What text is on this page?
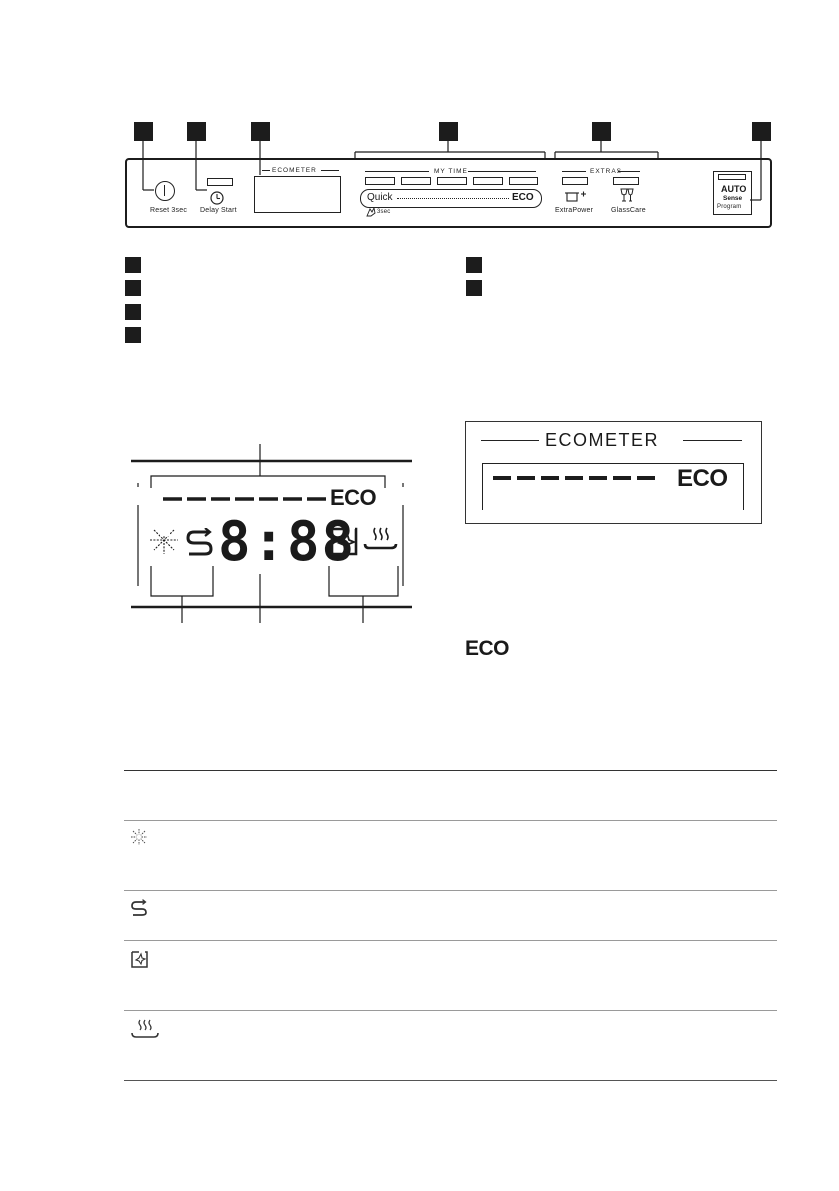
Reset 3sec Delay Start
ECOMETER	MY TIME
Quick	ECO
3sec
EXTRAS
ExtraPower	GlassCare
AUTO
Sense
Program
ECO
8:88
ECOMETER
ECO
ECO
